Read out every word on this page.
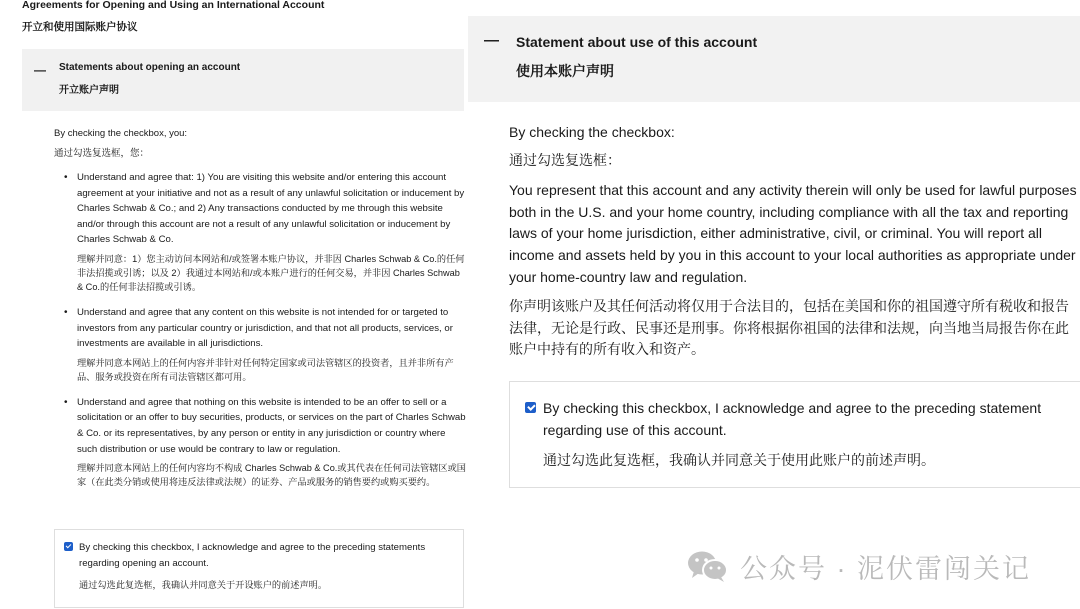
Agreements for Opening and Using an International Account
开立和使用国际账户协议
— Statements about opening an account
开立账户声明
By checking the checkbox, you:
通过勾选复选框，您：
• Understand and agree that: 1) You are visiting this website and/or entering this account agreement at your initiative and not as a result of any unlawful solicitation or inducement by Charles Schwab & Co.; and 2) Any transactions conducted by me through this website and/or through this account are not a result of any unlawful solicitation or inducement by Charles Schwab & Co.
理解并同意：1）您主动访问本网站和/或签署本账户协议，并非因 Charles Schwab & Co.的任何非法招揽或引诱；以及 2）我通过本网站和/或本账户进行的任何交易，并非因 Charles Schwab & Co.的任何非法招揽或引诱。
• Understand and agree that any content on this website is not intended for or targeted to investors from any particular country or jurisdiction, and that not all products, services, or investments are available in all jurisdictions.
理解并同意本网站上的任何内容并非针对任何特定国家或司法管辖区的投资者，且并非所有产品、服务或投资在所有司法管辖区都可用。
• Understand and agree that nothing on this website is intended to be an offer to sell or a solicitation or an offer to buy securities, products, or services on the part of Charles Schwab & Co. or its representatives, by any person or entity in any jurisdiction or country where such distribution or use would be contrary to law or regulation.
理解并同意本网站上的任何内容均不构成 Charles Schwab & Co.或其代表在任何司法管辖区或国家（在此类分销或使用将违反法律或法规）的证券、产品或服务的销售要约或购买要约。
By checking this checkbox, I acknowledge and agree to the preceding statements regarding opening an account.
通过勾选此复选框，我确认并同意关于开设账户的前述声明。
— Statement about use of this account
使用本账户声明
By checking the checkbox:
通过勾选复选框：
You represent that this account and any activity therein will only be used for lawful purposes both in the U.S. and your home country, including compliance with all the tax and reporting laws of your home jurisdiction, either administrative, civil, or criminal. You will report all income and assets held by you in this account to your local authorities as appropriate under your home-country law and regulation.
你声明该账户及其任何活动将仅用于合法目的，包括在美国和你的祖国遵守所有税收和报告法律，无论是行政、民事还是刑事。你将根据你祖国的法律和法规，向当地当局报告你在此账户中持有的所有收入和资产。
By checking this checkbox, I acknowledge and agree to the preceding statement regarding use of this account.
通过勾选此复选框，我确认并同意关于使用此账户的前述声明。
公众号 · 泥伏雷闯关记
